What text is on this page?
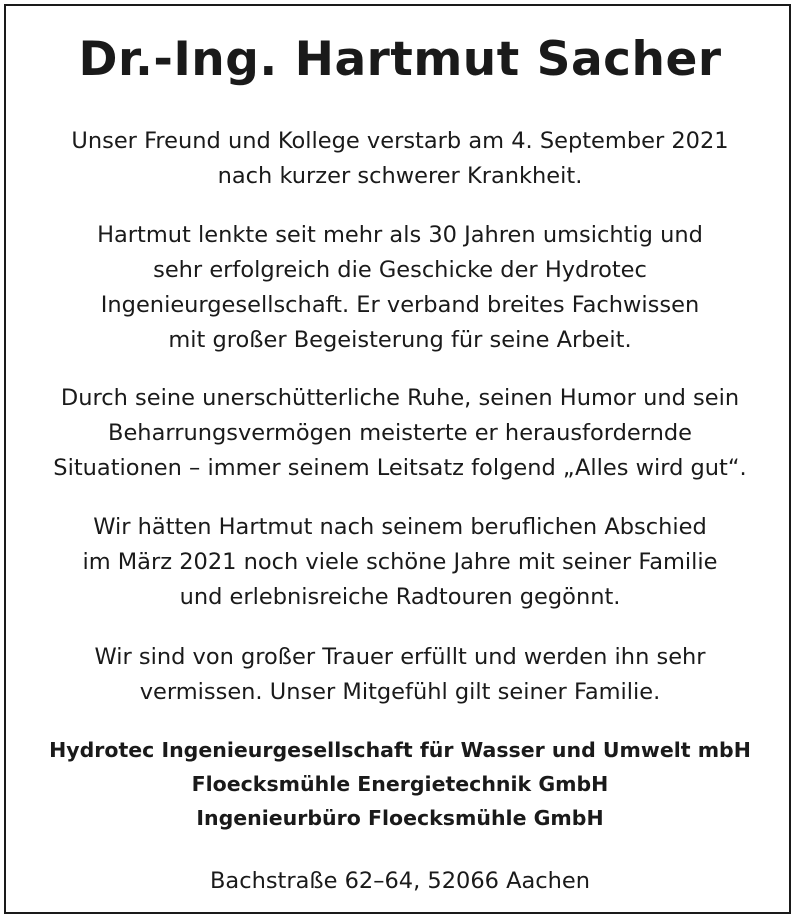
Dr.-Ing. Hartmut Sacher

Unser Freund und Kollege verstarb am 4. September 2021
nach kurzer schwerer Krankheit.

Hartmut lenkte seit mehr als 30 Jahren umsichtig und
sehr erfolgreich die Geschicke der Hydrotec
Ingenieurgesellschaft. Er verband breites Fachwissen
mit großer Begeisterung für seine Arbeit.

Durch seine unerschütterliche Ruhe, seinen Humor und sein
Beharrungsvermögen meisterte er herausfordernde
Situationen – immer seinem Leitsatz folgend „Alles wird gut“.

Wir hätten Hartmut nach seinem beruflichen Abschied
im März 2021 noch viele schöne Jahre mit seiner Familie
und erlebnisreiche Radtouren gegönnt.

Wir sind von großer Trauer erfüllt und werden ihn sehr
vermissen. Unser Mitgefühl gilt seiner Familie.

Hydrotec Ingenieurgesellschaft für Wasser und Umwelt mbH
Floecksmühle Energietechnik GmbH
Ingenieurbüro Floecksmühle GmbH

Bachstraße 62–64, 52066 Aachen
